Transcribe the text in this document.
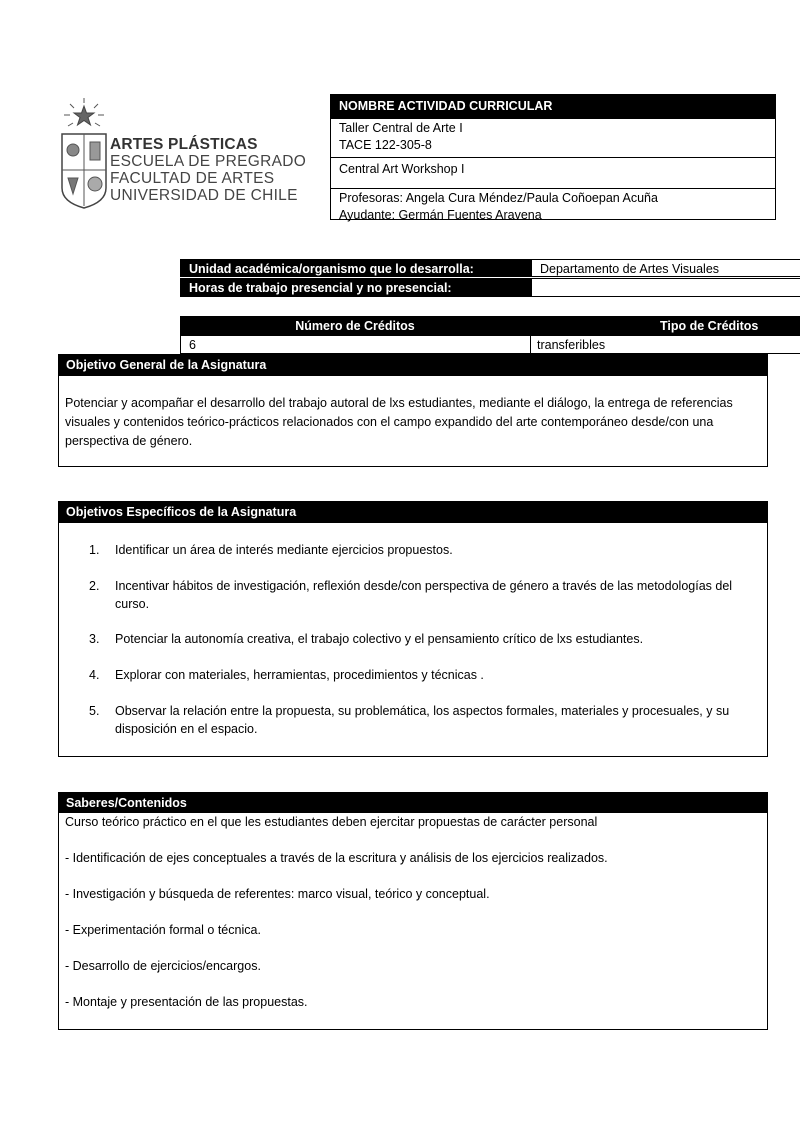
ARTES PLÁSTICAS
ESCUELA DE PREGRADO
FACULTAD DE ARTES
UNIVERSIDAD DE CHILE
NOMBRE ACTIVIDAD CURRICULAR
Taller Central de Arte I
TACE 122-305-8
Central Art Workshop I
Profesoras: Angela Cura Méndez/Paula Coñoepan Acuña
Ayudante: Germán Fuentes Aravena
Unidad académica/organismo que lo desarrolla:	Departamento de Artes Visuales
Horas de trabajo presencial y no presencial:
Número de Créditos	Tipo de Créditos
6	transferibles
Objetivo General de la Asignatura
Potenciar y acompañar el desarrollo del trabajo autoral de lxs estudiantes, mediante el diálogo, la entrega de referencias visuales y contenidos teórico-prácticos relacionados con el campo expandido del arte contemporáneo desde/con una perspectiva de género.
Objetivos Específicos de la Asignatura
1. Identificar un área de interés mediante ejercicios propuestos.
2. Incentivar hábitos de investigación, reflexión desde/con perspectiva de género a través de las metodologías del curso.
3. Potenciar la autonomía creativa, el trabajo colectivo y el pensamiento crítico de lxs estudiantes.
4. Explorar con materiales, herramientas, procedimientos y técnicas .
5. Observar la relación entre la propuesta, su problemática, los aspectos formales, materiales y procesuales, y su disposición en el espacio.
Saberes/Contenidos

Curso teórico práctico en el que les estudiantes deben ejercitar propuestas de carácter personal

- Identificación de ejes conceptuales a través de la escritura y análisis de los ejercicios realizados.

- Investigación y búsqueda de referentes: marco visual, teórico y conceptual.

- Experimentación formal o técnica.

- Desarrollo de ejercicios/encargos.

- Montaje y presentación de las propuestas.
